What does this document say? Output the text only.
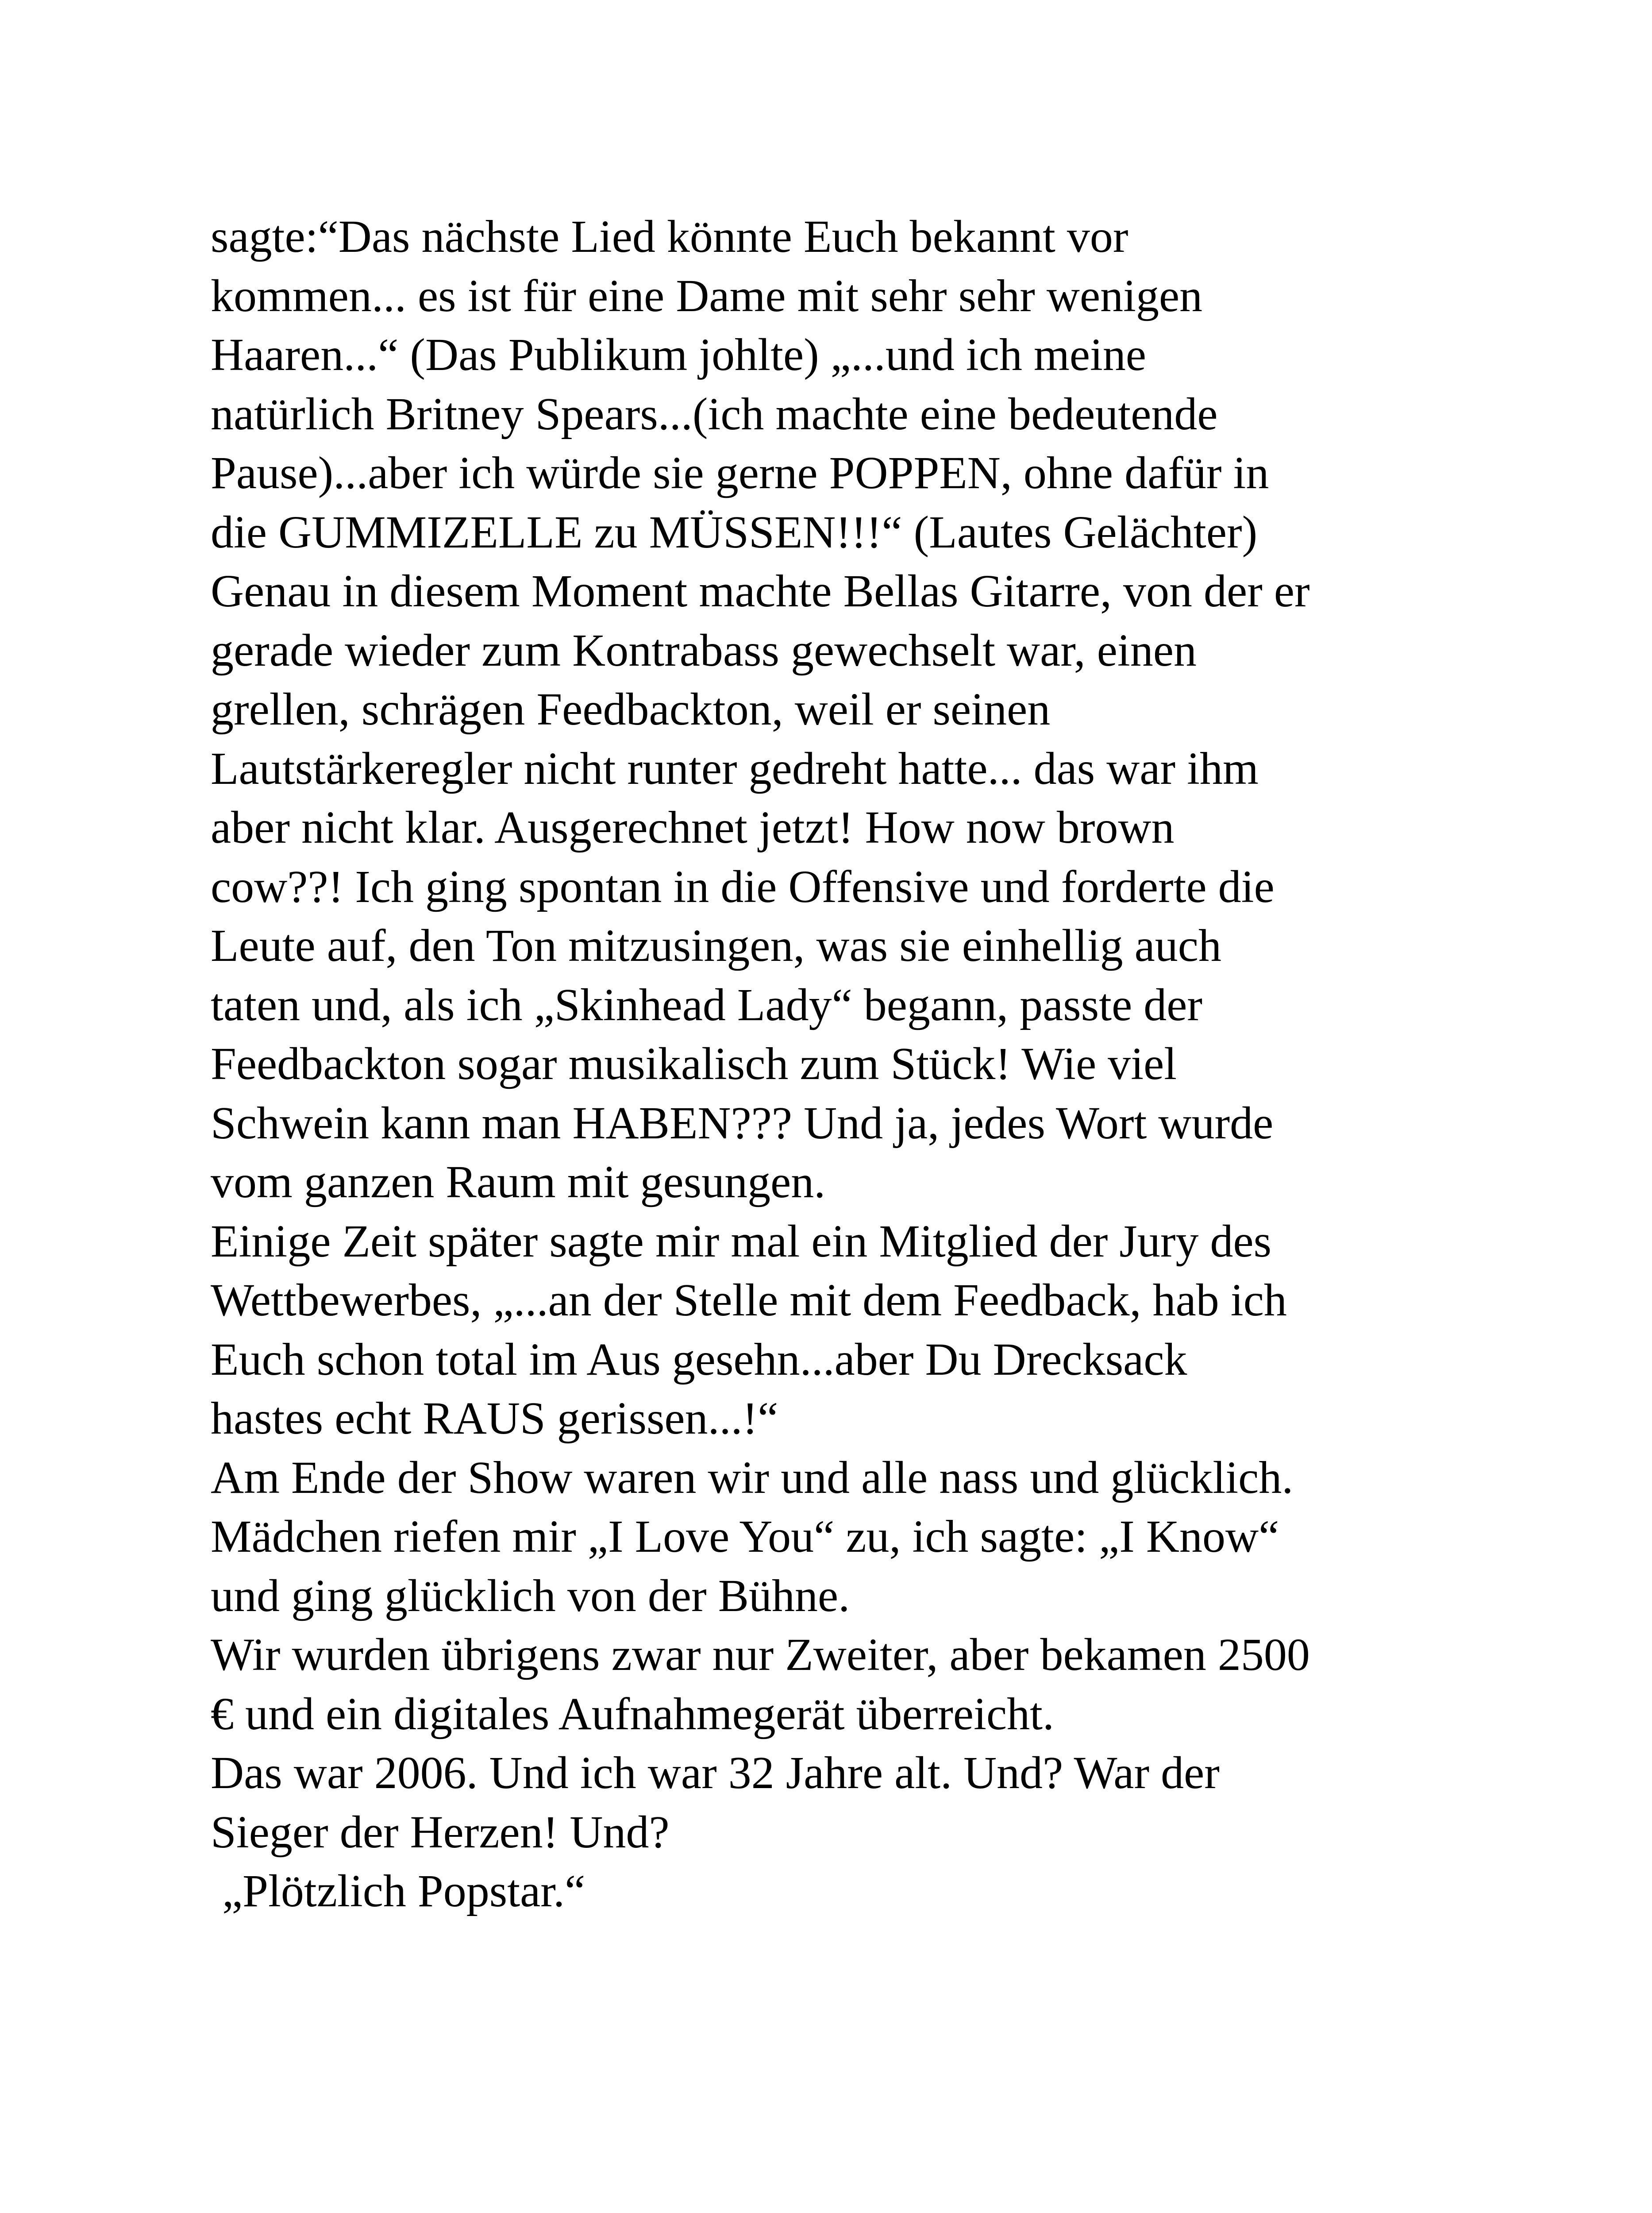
sagte:“Das nächste Lied könnte Euch bekannt vor
kommen... es ist für eine Dame mit sehr sehr wenigen
Haaren...“ (Das Publikum johlte) „...und ich meine
natürlich Britney Spears...(ich machte eine bedeutende
Pause)...aber ich würde sie gerne POPPEN, ohne dafür in
die GUMMIZELLE zu MÜSSEN!!!“ (Lautes Gelächter)
Genau in diesem Moment machte Bellas Gitarre, von der er
gerade wieder zum Kontrabass gewechselt war, einen
grellen, schrägen Feedbackton, weil er seinen
Lautstärkeregler nicht runter gedreht hatte... das war ihm
aber nicht klar. Ausgerechnet jetzt! How now brown
cow??! Ich ging spontan in die Offensive und forderte die
Leute auf, den Ton mitzusingen, was sie einhellig auch
taten und, als ich „Skinhead Lady“ begann, passte der
Feedbackton sogar musikalisch zum Stück! Wie viel
Schwein kann man HABEN??? Und ja, jedes Wort wurde
vom ganzen Raum mit gesungen.
Einige Zeit später sagte mir mal ein Mitglied der Jury des
Wettbewerbes, „...an der Stelle mit dem Feedback, hab ich
Euch schon total im Aus gesehn...aber Du Drecksack
hastes echt RAUS gerissen...!“
Am Ende der Show waren wir und alle nass und glücklich.
Mädchen riefen mir „I Love You“ zu, ich sagte: „I Know“
und ging glücklich von der Bühne.
Wir wurden übrigens zwar nur Zweiter, aber bekamen 2500
€ und ein digitales Aufnahmegerät überreicht.
Das war 2006. Und ich war 32 Jahre alt. Und? War der
Sieger der Herzen! Und?
„Plötzlich Popstar.“
